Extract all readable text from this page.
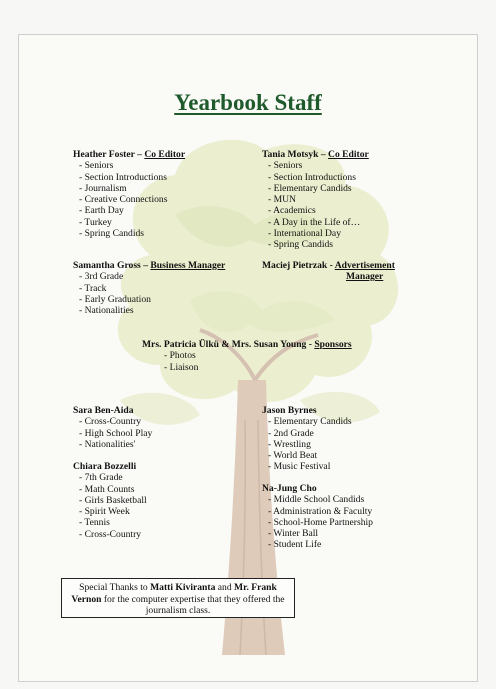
Yearbook Staff
Heather Foster – Co Editor
- Seniors
- Section Introductions
- Journalism
- Creative Connections
- Earth Day
- Turkey
- Spring Candids
Tania Motsyk – Co Editor
- Seniors
- Section Introductions
- Elementary Candids
- MUN
- Academics
- A Day in the Life of…
- International Day
- Spring Candids
Samantha Gross – Business Manager
- 3rd Grade
- Track
- Early Graduation
- Nationalities
Maciej Pietrzak - Advertisement
Manager
Mrs. Patricia Ülkü & Mrs. Susan Young - Sponsors
- Photos
- Liaison
Sara Ben-Aida
- Cross-Country
- High School Play
- Nationalities'
Jason Byrnes
- Elementary Candids
- 2nd Grade
- Wrestling
- World Beat
- Music Festival
Chiara Bozzelli
- 7th Grade
- Math Counts
- Girls Basketball
- Spirit Week
- Tennis
- Cross-Country
Na-Jung Cho
- Middle School Candids
- Administration & Faculty
- School-Home Partnership
- Winter Ball
- Student Life
Special Thanks to Matti Kiviranta and Mr. Frank Vernon for the computer expertise that they offered the journalism class.
